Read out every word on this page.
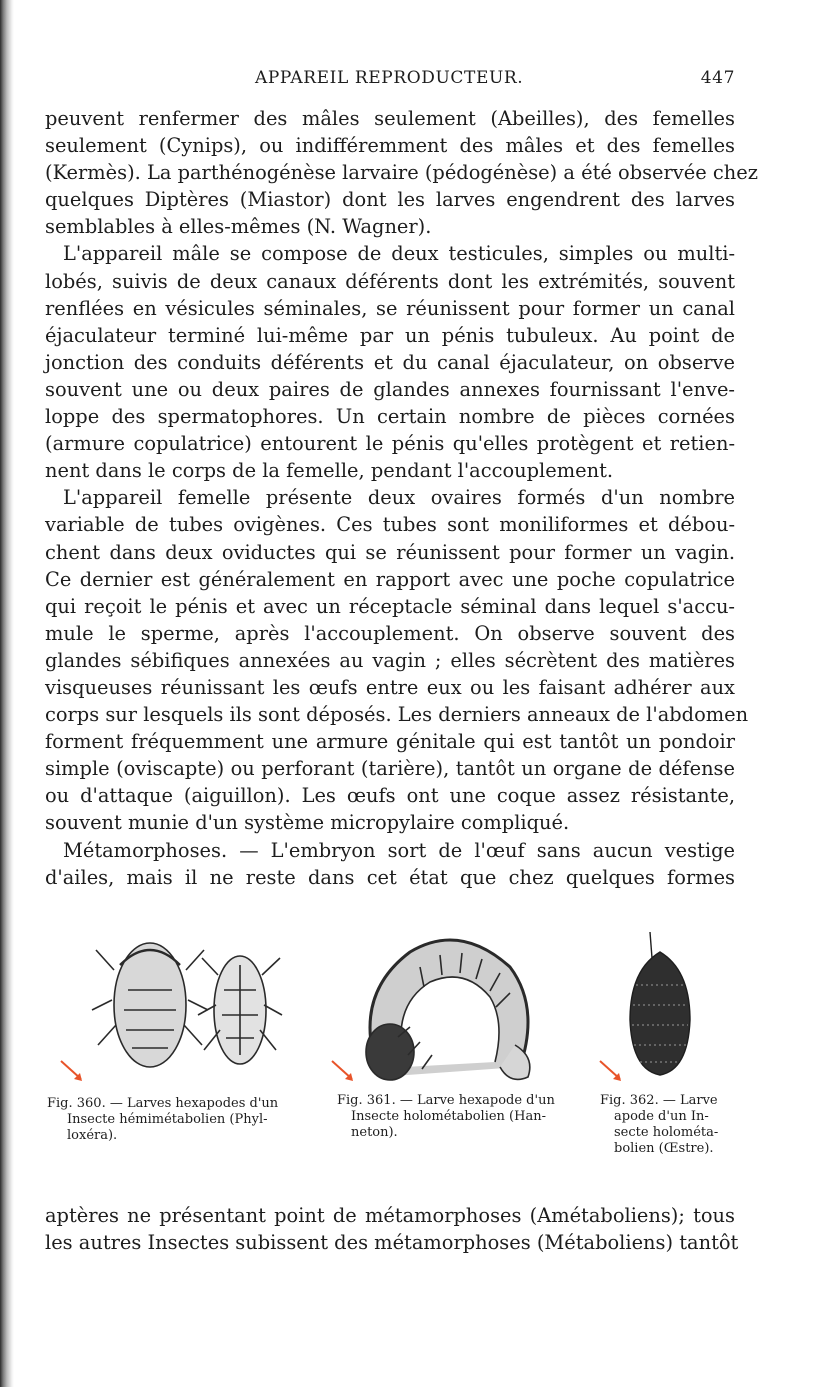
APPAREIL REPRODUCTEUR.	447

peuvent renfermer des mâles seulement (Abeilles), des femelles
seulement (Cynips), ou indifféremment des mâles et des femelles
(Kermès). La parthénogénèse larvaire (pédogénèse) a été observée chez
quelques Diptères (Miastor) dont les larves engendrent des larves
semblables à elles-mêmes (N. Wagner).

L'appareil mâle se compose de deux testicules, simples ou multi-
lobés, suivis de deux canaux déférents dont les extrémités, souvent
renflées en vésicules séminales, se réunissent pour former un canal
éjaculateur terminé lui-même par un pénis tubuleux. Au point de
jonction des conduits déférents et du canal éjaculateur, on observe
souvent une ou deux paires de glandes annexes fournissant l'enve-
loppe des spermatophores. Un certain nombre de pièces cornées
(armure copulatrice) entourent le pénis qu'elles protègent et retien-
nent dans le corps de la femelle, pendant l'accouplement.

L'appareil femelle présente deux ovaires formés d'un nombre
variable de tubes ovigènes. Ces tubes sont moniliformes et débou-
chent dans deux oviductes qui se réunissent pour former un vagin.
Ce dernier est généralement en rapport avec une poche copulatrice
qui reçoit le pénis et avec un réceptacle séminal dans lequel s'accu-
mule le sperme, après l'accouplement. On observe souvent des
glandes sébifiques annexées au vagin ; elles sécrètent des matières
visqueuses réunissant les œufs entre eux ou les faisant adhérer aux
corps sur lesquels ils sont déposés. Les derniers anneaux de l'abdomen
forment fréquemment une armure génitale qui est tantôt un pondoir
simple (oviscapte) ou perforant (tarière), tantôt un organe de défense
ou d'attaque (aiguillon). Les œufs ont une coque assez résistante,
souvent munie d'un système micropylaire compliqué.

Métamorphoses. — L'embryon sort de l'œuf sans aucun vestige
d'ailes, mais il ne reste dans cet état que chez quelques formes

Fig. 360. — Larves hexapodes d'un
Insecte hémimétabolien (Phyl-
loxéra).
Fig. 361. — Larve hexapode d'un
Insecte holométabolien (Han-
neton).
Fig. 362. — Larve
apode d'un In-
secte holométa-
bolien (Œstre).

aptères ne présentant point de métamorphoses (Amétaboliens); tous
les autres Insectes subissent des métamorphoses (Métaboliens) tantôt
